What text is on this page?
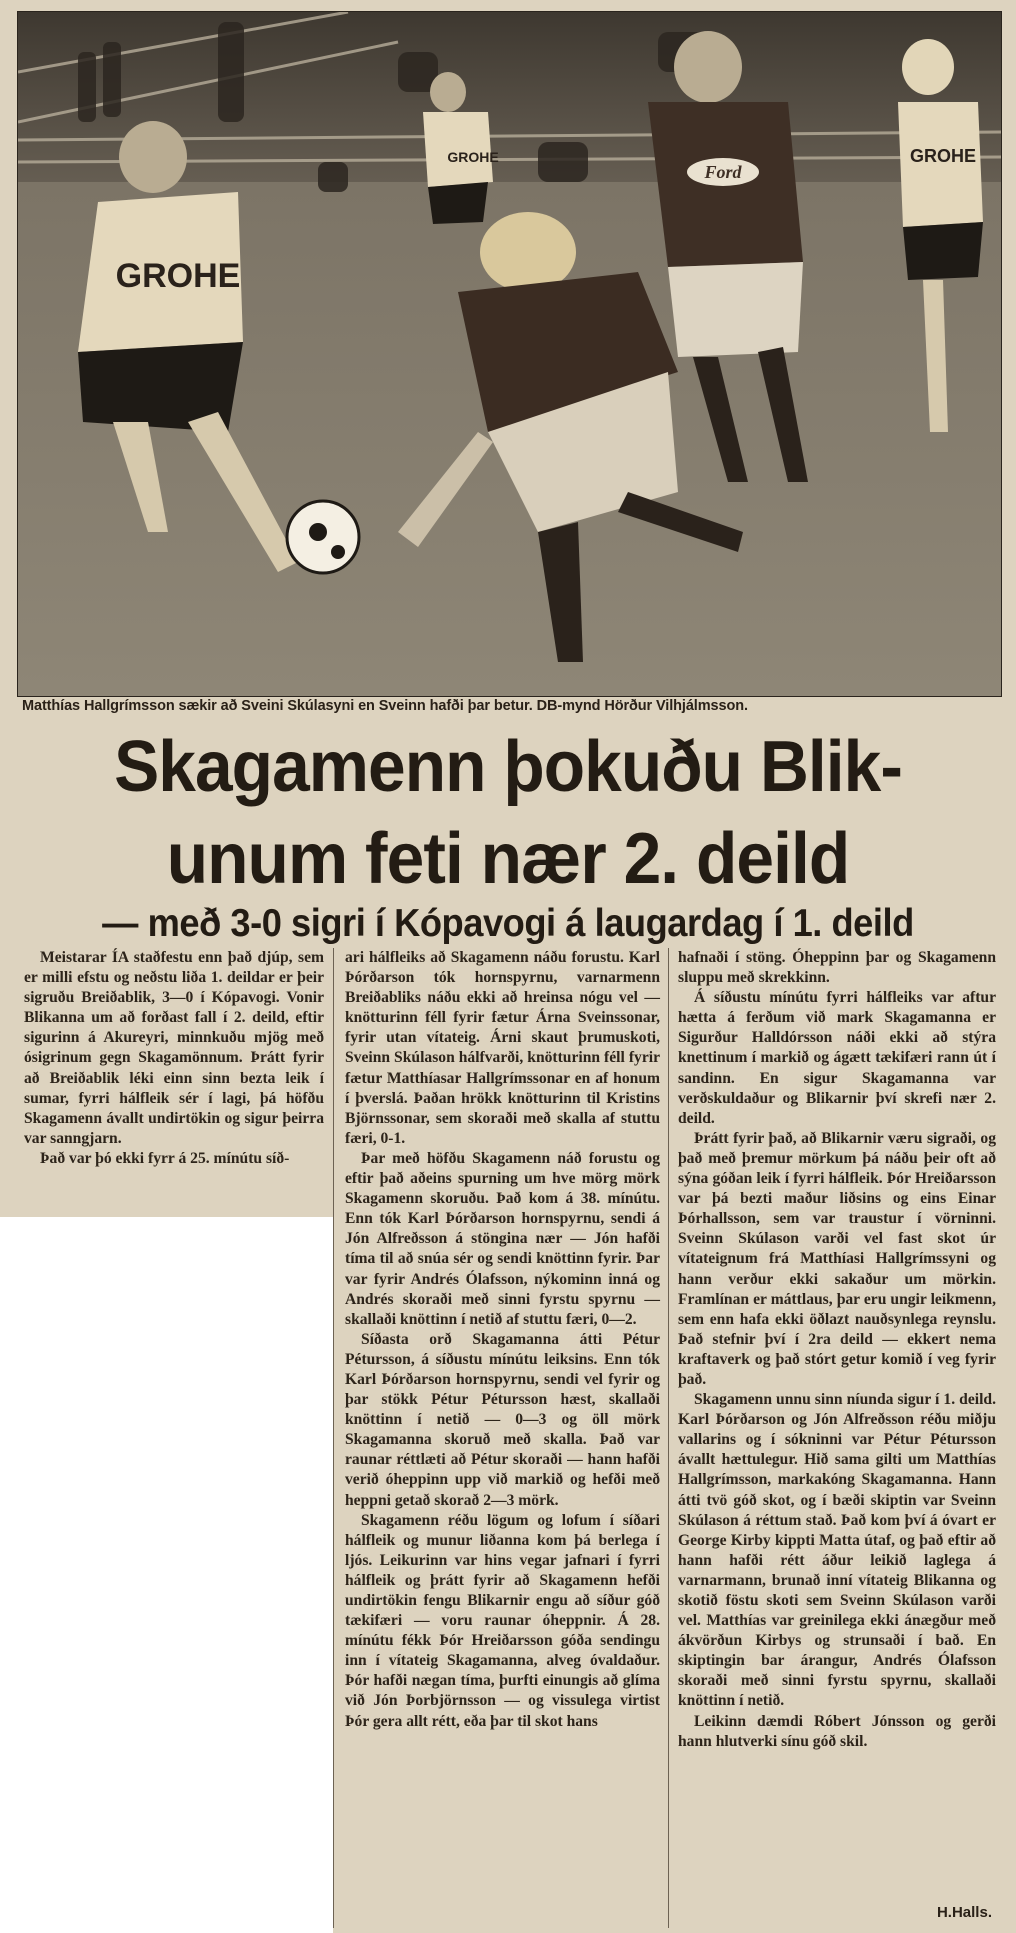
GROHE
Ford
GROHE
GROHE
Matthías Hallgrímsson sækir að Sveini Skúlasyni en Sveinn hafði þar betur. DB-mynd Hörður Vilhjálmsson.
Skagamenn þokuðu Blik-
unum feti nær 2. deild
— með 3-0 sigri í Kópavogi á laugardag í 1. deild

Meistarar ÍA staðfestu enn það djúp, sem er milli efstu og neðstu liða 1. deildar er þeir sigruðu Breiðablik, 3—0 í Kópavogi. Vonir Blikanna um að forðast fall í 2. deild, eftir sigurinn á Akureyri, minnkuðu mjög með ósigrinum gegn Skagamönnum. Þrátt fyrir að Breiðablik léki einn sinn bezta leik í sumar, fyrri hálfleik sér í lagi, þá höfðu Skagamenn ávallt undirtökin og sigur þeirra var sanngjarn.

Það var þó ekki fyrr á 25. mínútu síð-

ari hálfleiks að Skagamenn náðu forustu. Karl Þórðarson tók hornspyrnu, varnarmenn Breiðabliks náðu ekki að hreinsa nógu vel — knötturinn féll fyrir fætur Árna Sveinssonar, fyrir utan vítateig. Árni skaut þrumuskoti, Sveinn Skúlason hálfvarði, knötturinn féll fyrir fætur Matthíasar Hallgrímssonar en af honum í þverslá. Þaðan hrökk knötturinn til Kristins Björnssonar, sem skoraði með skalla af stuttu færi, 0-1.

Þar með höfðu Skagamenn náð forustu og eftir það aðeins spurning um hve mörg mörk Skagamenn skoruðu. Það kom á 38. mínútu. Enn tók Karl Þórðarson hornspyrnu, sendi á Jón Alfreðsson á stöngina nær — Jón hafði tíma til að snúa sér og sendi knöttinn fyrir. Þar var fyrir Andrés Ólafsson, nýkominn inná og Andrés skoraði með sinni fyrstu spyrnu — skallaði knöttinn í netið af stuttu færi, 0—2.

Síðasta orð Skagamanna átti Pétur Pétursson, á síðustu mínútu leiksins. Enn tók Karl Þórðarson hornspyrnu, sendi vel fyrir og þar stökk Pétur Pétursson hæst, skallaði knöttinn í netið — 0—3 og öll mörk Skagamanna skoruð með skalla. Það var raunar réttlæti að Pétur skoraði — hann hafði verið óheppinn upp við markið og hefði með heppni getað skorað 2—3 mörk.

Skagamenn réðu lögum og lofum í síðari hálfleik og munur liðanna kom þá berlega í ljós. Leikurinn var hins vegar jafnari í fyrri hálfleik og þrátt fyrir að Skagamenn hefði undirtökin fengu Blikarnir engu að síður góð tækifæri — voru raunar óheppnir. Á 28. mínútu fékk Þór Hreiðarsson góða sendingu inn í vítateig Skagamanna, alveg óvaldaður. Þór hafði nægan tíma, þurfti einungis að glíma við Jón Þorbjörnsson — og vissulega virtist Þór gera allt rétt, eða þar til skot hans

hafnaði í stöng. Óheppinn þar og Skagamenn sluppu með skrekkinn.

Á síðustu mínútu fyrri hálfleiks var aftur hætta á ferðum við mark Skagamanna er Sigurður Halldórsson náði ekki að stýra knettinum í markið og ágætt tækifæri rann út í sandinn. En sigur Skagamanna var verðskuldaður og Blikarnir því skrefi nær 2. deild.

Þrátt fyrir það, að Blikarnir væru sigraði, og það með þremur mörkum þá náðu þeir oft að sýna góðan leik í fyrri hálfleik. Þór Hreiðarsson var þá bezti maður liðsins og eins Einar Þórhallsson, sem var traustur í vörninni. Sveinn Skúlason varði vel fast skot úr vítateignum frá Matthíasi Hallgrímssyni og hann verður ekki sakaður um mörkin. Framlínan er máttlaus, þar eru ungir leikmenn, sem enn hafa ekki öðlazt nauðsynlega reynslu. Það stefnir því í 2ra deild — ekkert nema kraftaverk og það stórt getur komið í veg fyrir það.

Skagamenn unnu sinn níunda sigur í 1. deild. Karl Þórðarson og Jón Alfreðsson réðu miðju vallarins og í sókninni var Pétur Pétursson ávallt hættulegur. Hið sama gilti um Matthías Hallgrímsson, markakóng Skagamanna. Hann átti tvö góð skot, og í bæði skiptin var Sveinn Skúlason á réttum stað. Það kom því á óvart er George Kirby kippti Matta útaf, og það eftir að hann hafði rétt áður leikið laglega á varnarmann, brunað inní vítateig Blikanna og skotið föstu skoti sem Sveinn Skúlason varði vel. Matthías var greinilega ekki ánægður með ákvörðun Kirbys og strunsaði í bað. En skiptingin bar árangur, Andrés Ólafsson skoraði með sinni fyrstu spyrnu, skallaði knöttinn í netið.

Leikinn dæmdi Róbert Jónsson og gerði hann hlutverki sínu góð skil.

H.Halls.
